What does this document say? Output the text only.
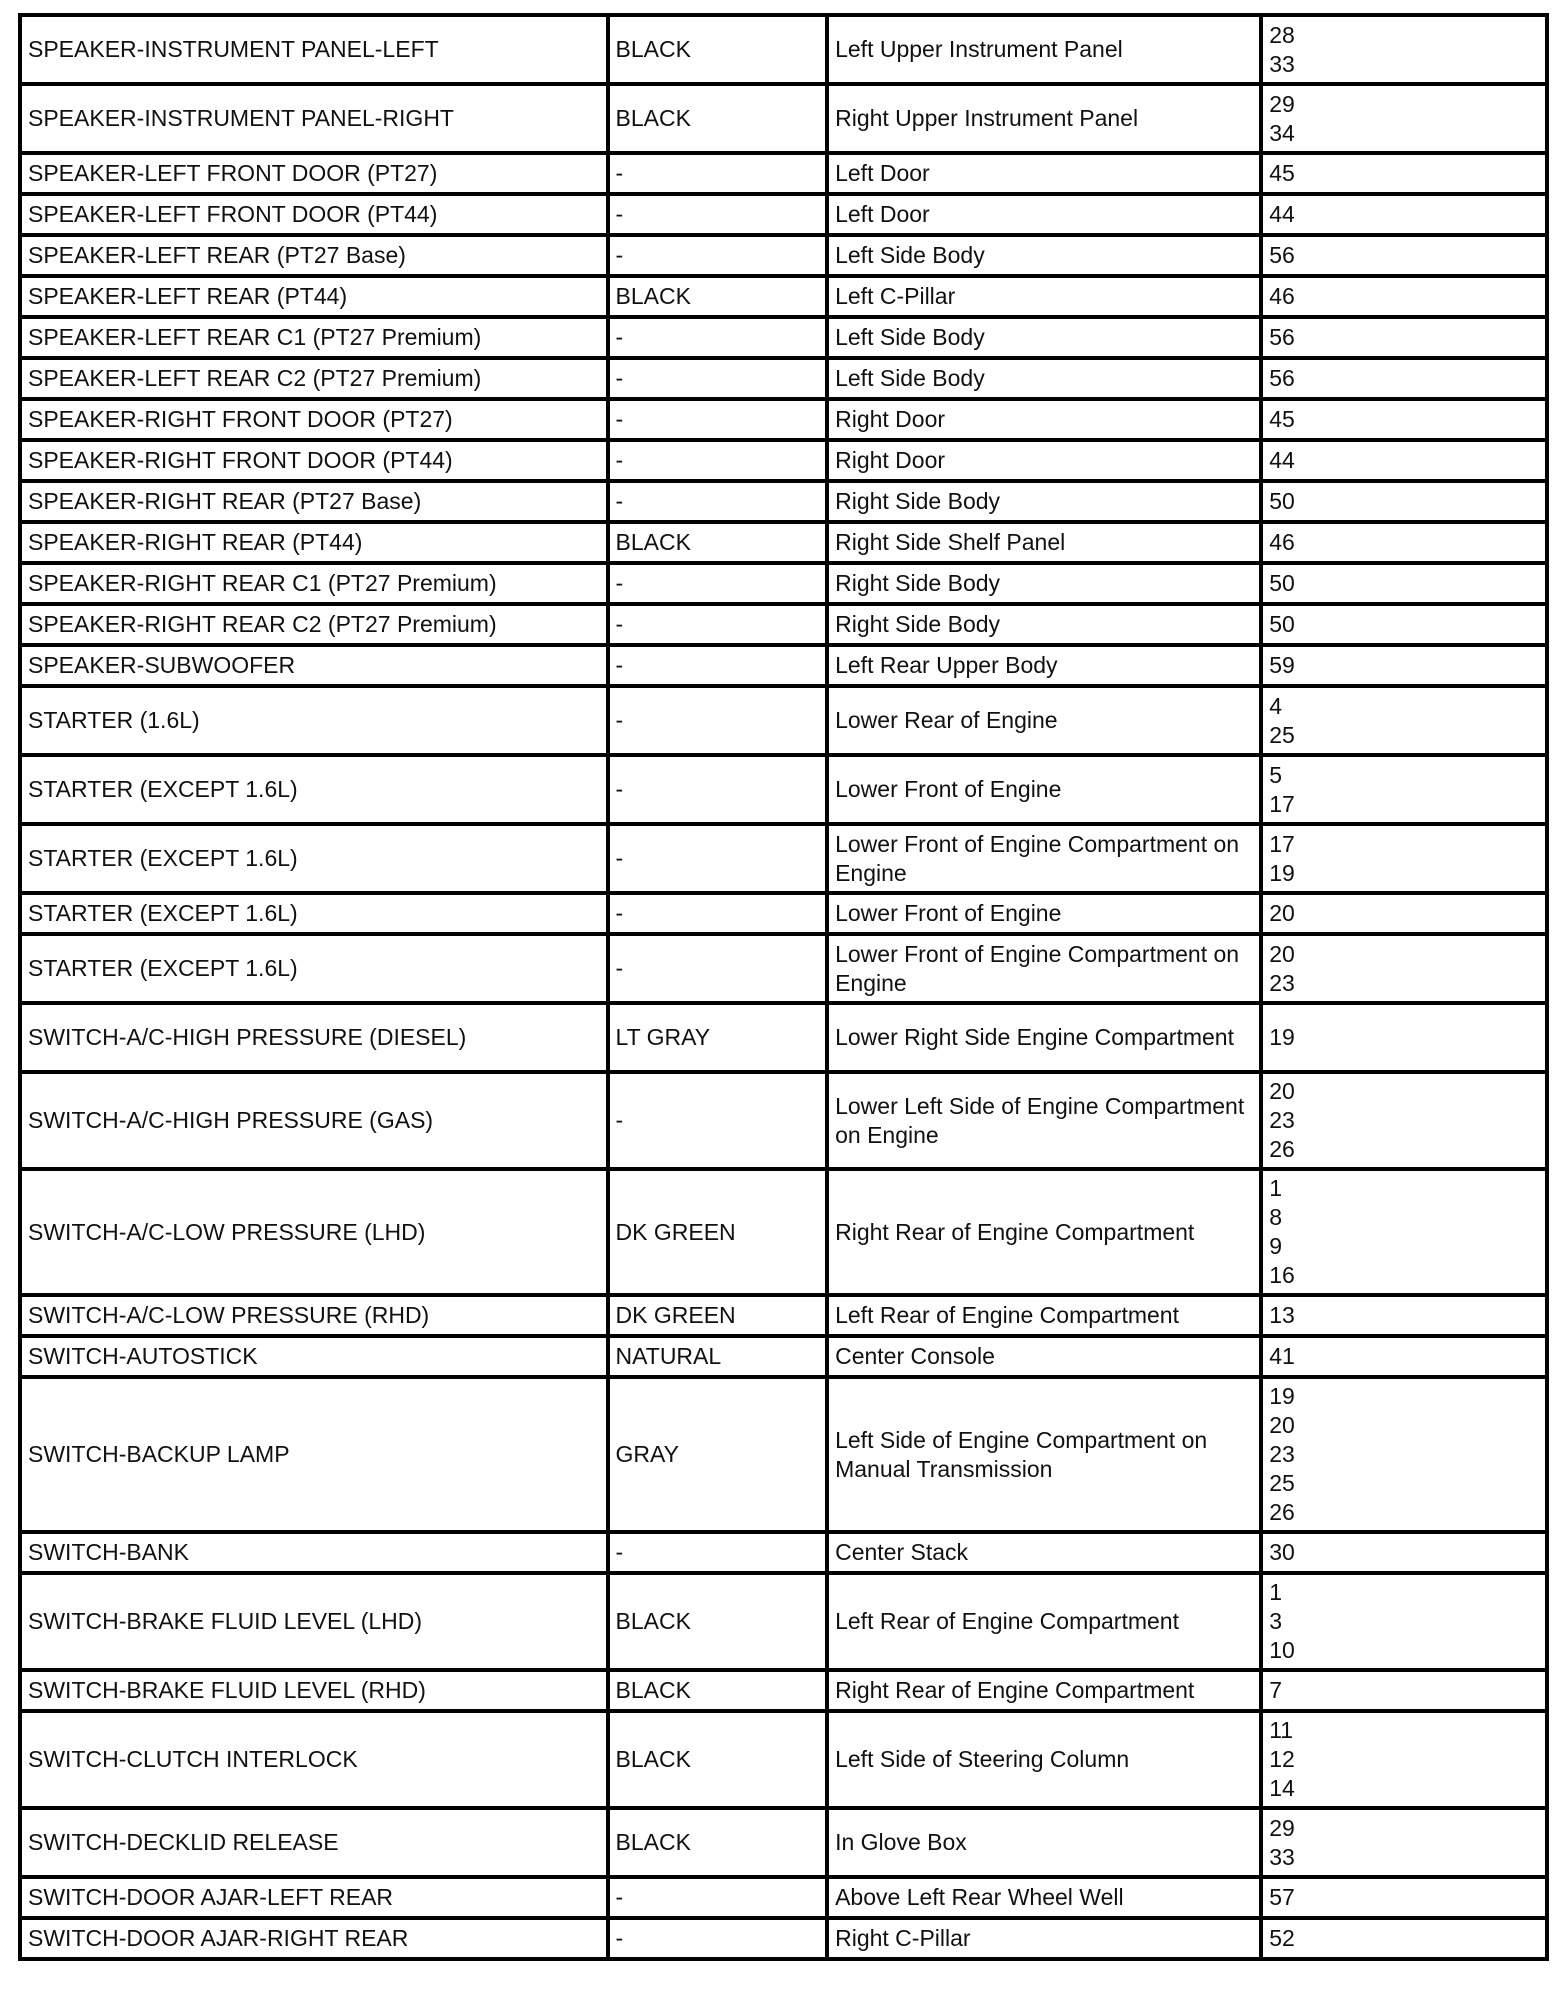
SPEAKER-INSTRUMENT PANEL-LEFT	BLACK	Left Upper Instrument Panel	28
33

SPEAKER-INSTRUMENT PANEL-RIGHT	BLACK	Right Upper Instrument Panel	29
34

SPEAKER-LEFT FRONT DOOR (PT27)	-	Left Door	45

SPEAKER-LEFT FRONT DOOR (PT44)	-	Left Door	44

SPEAKER-LEFT REAR (PT27 Base)	-	Left Side Body	56

SPEAKER-LEFT REAR (PT44)	BLACK	Left C-Pillar	46

SPEAKER-LEFT REAR C1 (PT27 Premium)	-	Left Side Body	56

SPEAKER-LEFT REAR C2 (PT27 Premium)	-	Left Side Body	56

SPEAKER-RIGHT FRONT DOOR (PT27)	-	Right Door	45

SPEAKER-RIGHT FRONT DOOR (PT44)	-	Right Door	44

SPEAKER-RIGHT REAR (PT27 Base)	-	Right Side Body	50

SPEAKER-RIGHT REAR (PT44)	BLACK	Right Side Shelf Panel	46

SPEAKER-RIGHT REAR C1 (PT27 Premium)	-	Right Side Body	50

SPEAKER-RIGHT REAR C2 (PT27 Premium)	-	Right Side Body	50

SPEAKER-SUBWOOFER	-	Left Rear Upper Body	59

STARTER (1.6L)	-	Lower Rear of Engine	4
25

STARTER (EXCEPT 1.6L)	-	Lower Front of Engine	5
17

STARTER (EXCEPT 1.6L)	-	Lower Front of Engine Compartment on Engine	17
19

STARTER (EXCEPT 1.6L)	-	Lower Front of Engine	20

STARTER (EXCEPT 1.6L)	-	Lower Front of Engine Compartment on Engine	20
23

SWITCH-A/C-HIGH PRESSURE (DIESEL)	LT GRAY	Lower Right Side Engine Compartment	19

SWITCH-A/C-HIGH PRESSURE (GAS)	-	Lower Left Side of Engine Compartment on Engine	20
23
26

SWITCH-A/C-LOW PRESSURE (LHD)	DK GREEN	Right Rear of Engine Compartment	1
8
9
16

SWITCH-A/C-LOW PRESSURE (RHD)	DK GREEN	Left Rear of Engine Compartment	13

SWITCH-AUTOSTICK	NATURAL	Center Console	41

SWITCH-BACKUP LAMP	GRAY	Left Side of Engine Compartment on Manual Transmission	19
20
23
25
26

SWITCH-BANK	-	Center Stack	30

SWITCH-BRAKE FLUID LEVEL (LHD)	BLACK	Left Rear of Engine Compartment	1
3
10

SWITCH-BRAKE FLUID LEVEL (RHD)	BLACK	Right Rear of Engine Compartment	7

SWITCH-CLUTCH INTERLOCK	BLACK	Left Side of Steering Column	11
12
14

SWITCH-DECKLID RELEASE	BLACK	In Glove Box	29
33

SWITCH-DOOR AJAR-LEFT REAR	-	Above Left Rear Wheel Well	57

SWITCH-DOOR AJAR-RIGHT REAR	-	Right C-Pillar	52
